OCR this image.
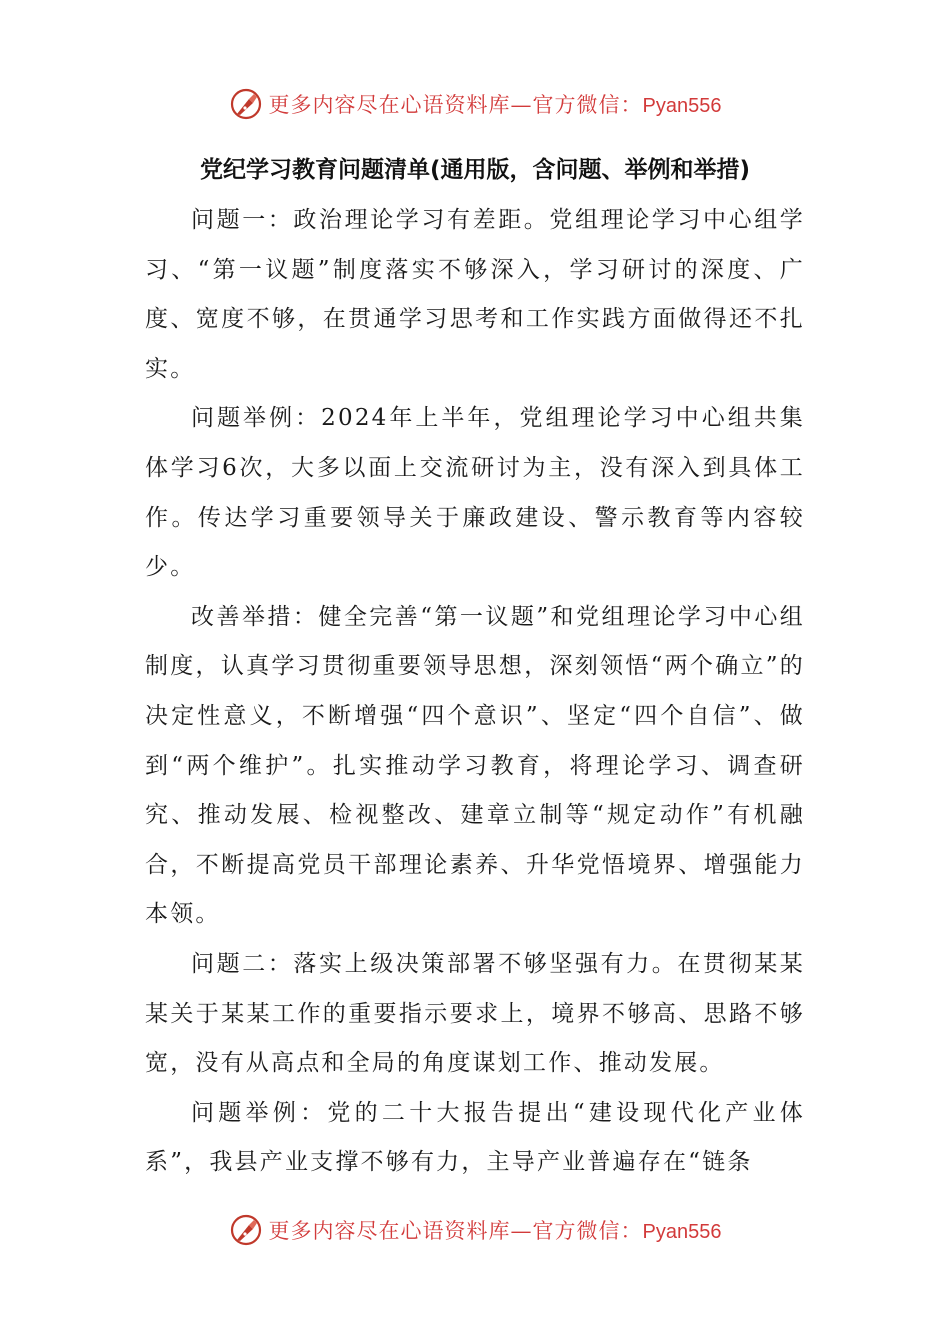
更多内容尽在心语资料库—官方微信：Pyan556
党纪学习教育问题清单(通用版，含问题、举例和举措)

问题一：政治理论学习有差距。党组理论学习中心组学习、“第一议题”制度落实不够深入，学习研讨的深度、广度、宽度不够，在贯通学习思考和工作实践方面做得还不扎实。

问题举例：2024年上半年，党组理论学习中心组共集体学习6次，大多以面上交流研讨为主，没有深入到具体工作。传达学习重要领导关于廉政建设、警示教育等内容较少。

改善举措：健全完善“第一议题”和党组理论学习中心组制度，认真学习贯彻重要领导思想，深刻领悟“两个确立”的决定性意义，不断增强“四个意识”、坚定“四个自信”、做到“两个维护”。扎实推动学习教育，将理论学习、调查研究、推动发展、检视整改、建章立制等“规定动作”有机融合，不断提高党员干部理论素养、升华党悟境界、增强能力本领。

问题二：落实上级决策部署不够坚强有力。在贯彻某某某关于某某工作的重要指示要求上，境界不够高、思路不够宽，没有从高点和全局的角度谋划工作、推动发展。

问题举例：党的二十大报告提出“建设现代化产业体系”，我县产业支撑不够有力，主导产业普遍存在“链条

更多内容尽在心语资料库—官方微信：Pyan556
